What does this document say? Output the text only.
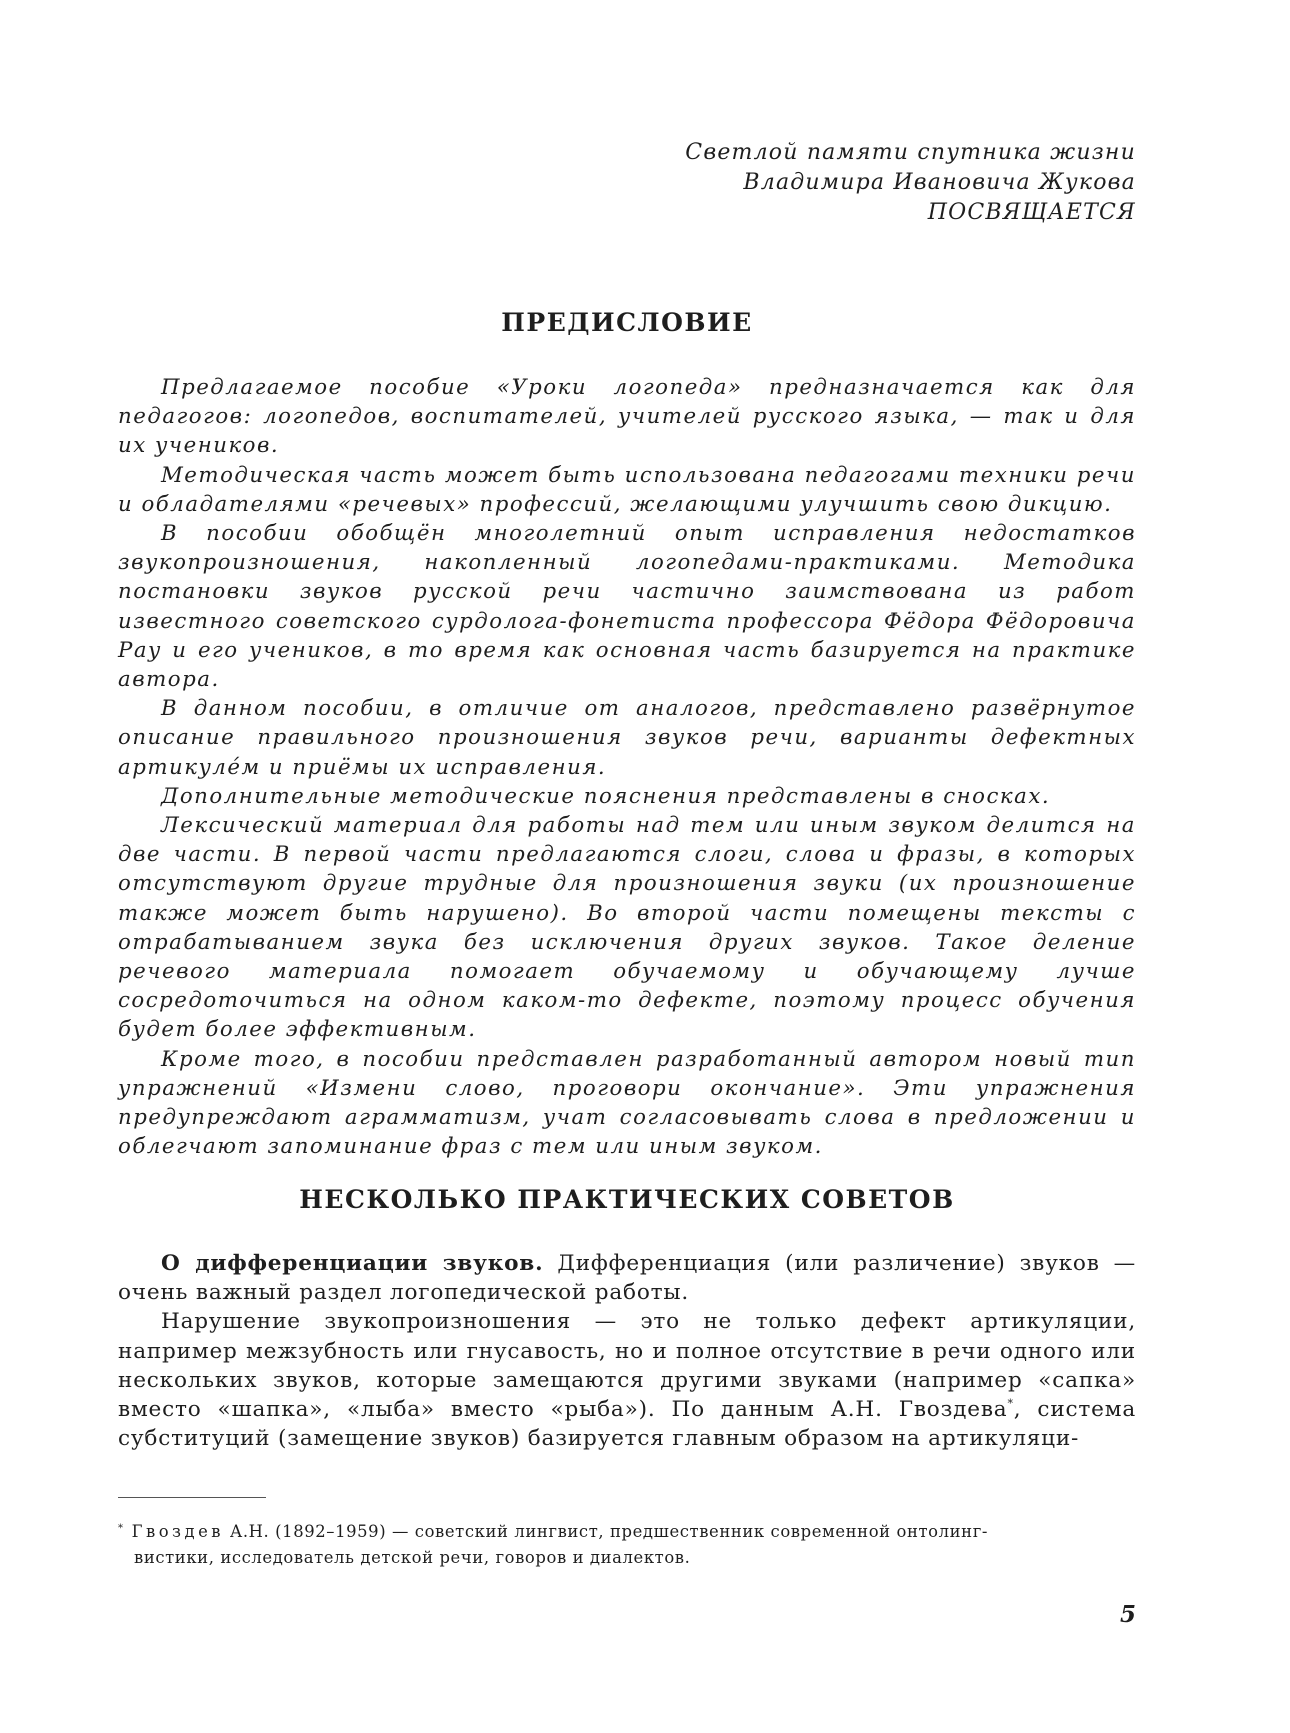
Светлой памяти спутника жизни
Владимира Ивановича Жукова
ПОСВЯЩАЕТСЯ
ПРЕДИСЛОВИЕ

Предлагаемое пособие «Уроки логопеда» предназначается как для педагогов: логопедов, воспитателей, учителей русского языка, — так и для их учеников.

Методическая часть может быть использована педагогами техники речи и обладателями «речевых» профессий, желающими улучшить свою дикцию.

В пособии обобщён многолетний опыт исправления недостатков звукопроизношения, накопленный логопедами-практиками. Методика постановки звуков русской речи частично заимствована из работ известного советского сурдолога-фонетиста профессора Фёдора Фёдоровича Рау и его учеников, в то время как основная часть базируется на практике автора.

В данном пособии, в отличие от аналогов, представлено развёрнутое описание правильного произношения звуков речи, варианты дефектных артикулéм и приёмы их исправления.

Дополнительные методические пояснения представлены в сносках.

Лексический материал для работы над тем или иным звуком делится на две части. В первой части предлагаются слоги, слова и фразы, в которых отсутствуют другие трудные для произношения звуки (их произношение также может быть нарушено). Во второй части помещены тексты с отрабатыванием звука без исключения других звуков. Такое деление речевого материала помогает обучаемому и обучающему лучше сосредоточиться на одном каком-то дефекте, поэтому процесс обучения будет более эффективным.

Кроме того, в пособии представлен разработанный автором новый тип упражнений «Измени слово, проговори окончание». Эти упражнения предупреждают аграмматизм, учат согласовывать слова в предложении и облегчают запоминание фраз с тем или иным звуком.

НЕСКОЛЬКО ПРАКТИЧЕСКИХ СОВЕТОВ

О дифференциации звуков. Дифференциация (или различение) звуков — очень важный раздел логопедической работы.

Нарушение звукопроизношения — это не только дефект артикуляции, например межзубность или гнусавость, но и полное отсутствие в речи одного или нескольких звуков, которые замещаются другими звуками (например «сапка» вместо «шапка», «лыба» вместо «рыба»). По данным А.Н. Гвоздева*, система субституций (замещение звуков) базируется главным образом на артикуляци-

* Гвоздев А.Н. (1892–1959) — советский лингвист, предшественник современной онтолинг-
вистики, исследователь детской речи, говоров и диалектов.
5
